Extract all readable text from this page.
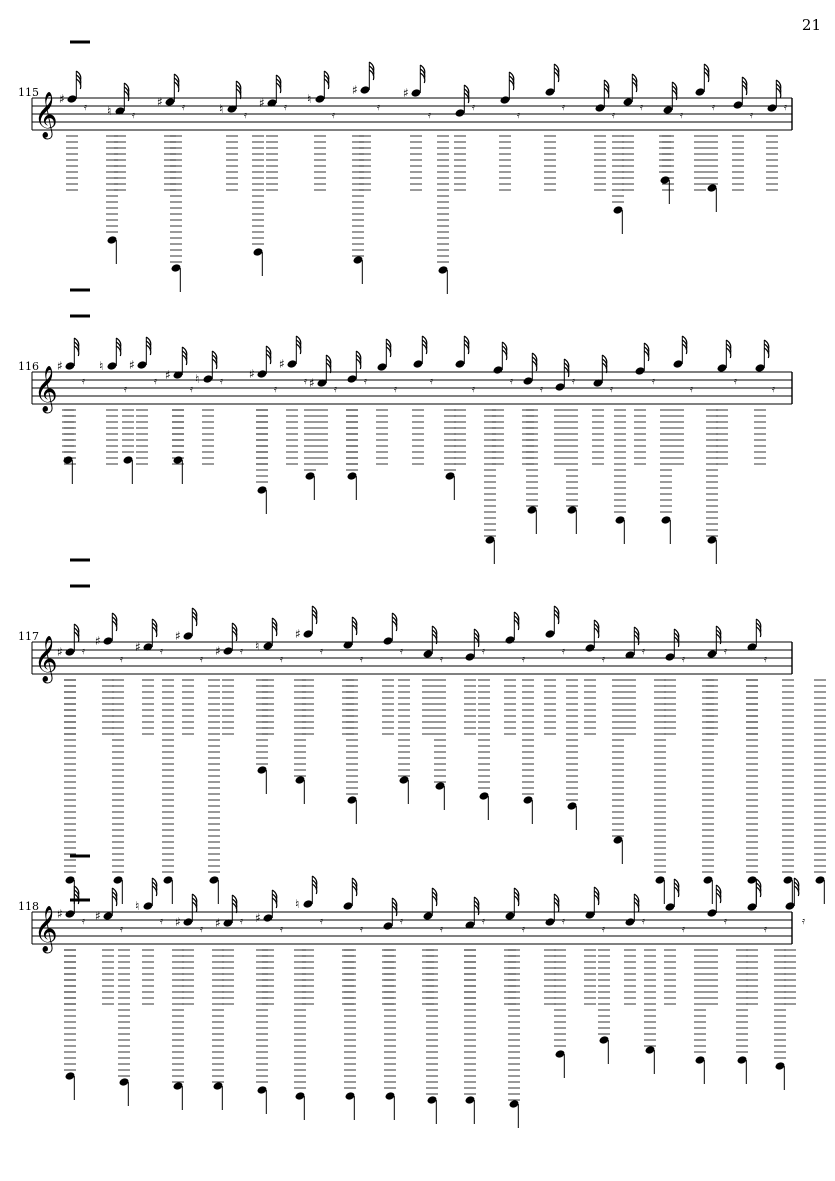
21
𝄞
115 ♯
𝄿 ♮ 𝄿
♯ 𝄿	♮ 𝄿
♯ 𝄿
♮
𝄿
♯
𝄿
♯
𝄿
𝄿
𝄿
𝄿
𝄿
𝄿
𝄿
𝄿
𝄿
𝄿
𝄞
116 ♯
𝄿
♮
𝄿
♯
𝄿 ♯
𝄿
♮ 𝄿
♯
𝄿
♯
𝄿 ♯ 𝄿
𝄿
𝄿
𝄿
𝄿
𝄿
𝄿
𝄿
𝄿
𝄿
𝄿
𝄿
𝄿
𝄞
117
♯ 𝄿
♯
𝄿
♯ 𝄿
♯
𝄿
♯ 𝄿 ♮
𝄿
♯
𝄿
𝄿
𝄿
𝄿
𝄿
𝄿
𝄿
𝄿
𝄿
𝄿
𝄿
𝄿
𝄞
118
♯
𝄿 ♯
𝄿
♮
𝄿 ♯
𝄿 ♯ 𝄿 ♯
𝄿
♮
𝄿
𝄿
𝄿
𝄿
𝄿
𝄿
𝄿
𝄿
𝄿
𝄿
𝄿
𝄿
𝄿
